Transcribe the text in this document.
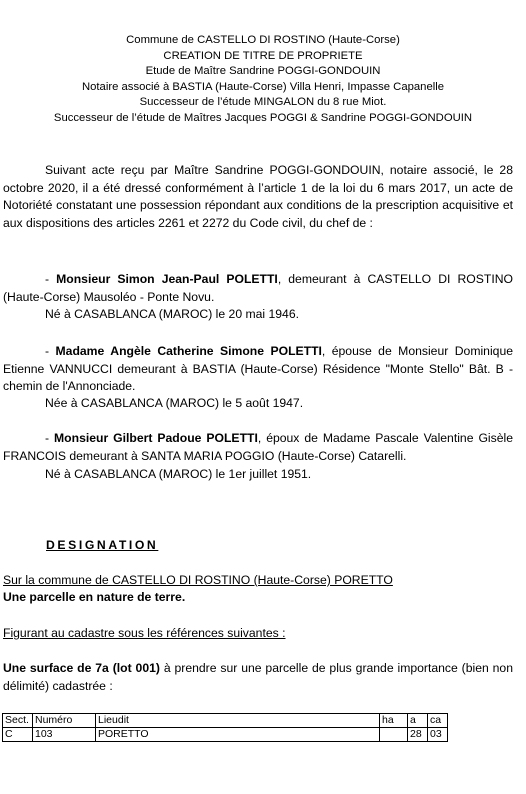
Commune de CASTELLO DI ROSTINO (Haute-Corse)
CREATION DE TITRE DE PROPRIETE
Etude de Maître Sandrine POGGI-GONDOUIN
Notaire associé à BASTIA (Haute-Corse) Villa Henri, Impasse Capanelle
Successeur de l’étude MINGALON du 8 rue Miot.
Successeur de l’étude de Maîtres Jacques POGGI & Sandrine POGGI-GONDOUIN
Suivant acte reçu par Maître Sandrine POGGI-GONDOUIN, notaire associé, le 28 octobre 2020, il a été dressé conformément à l’article 1 de la loi du 6 mars 2017, un acte de Notoriété constatant une possession répondant aux conditions de la prescription acquisitive et aux dispositions des articles 2261 et 2272 du Code civil, du chef de :
- Monsieur Simon Jean-Paul POLETTI, demeurant à CASTELLO DI ROSTINO (Haute-Corse) Mausoléo - Ponte Novu.
Né à CASABLANCA (MAROC) le 20 mai 1946.
- Madame Angèle Catherine Simone POLETTI, épouse de Monsieur Dominique Etienne VANNUCCI demeurant à BASTIA (Haute-Corse) Résidence "Monte Stello" Bât. B - chemin de l'Annonciade.
Née à CASABLANCA (MAROC) le 5 août 1947.
- Monsieur Gilbert Padoue POLETTI, époux de Madame Pascale Valentine Gisèle FRANCOIS demeurant à SANTA MARIA POGGIO (Haute-Corse) Catarelli.
Né à CASABLANCA (MAROC) le 1er juillet 1951.
DESIGNATION
Sur la commune de CASTELLO DI ROSTINO (Haute-Corse) PORETTO
Une parcelle en nature de terre.
Figurant au cadastre sous les références suivantes :
Une surface de 7a (lot 001) à prendre sur une parcelle de plus grande importance (bien non délimité) cadastrée :
Sect.	Numéro	Lieudit	ha	a	ca
C	103	PORETTO		28	03
